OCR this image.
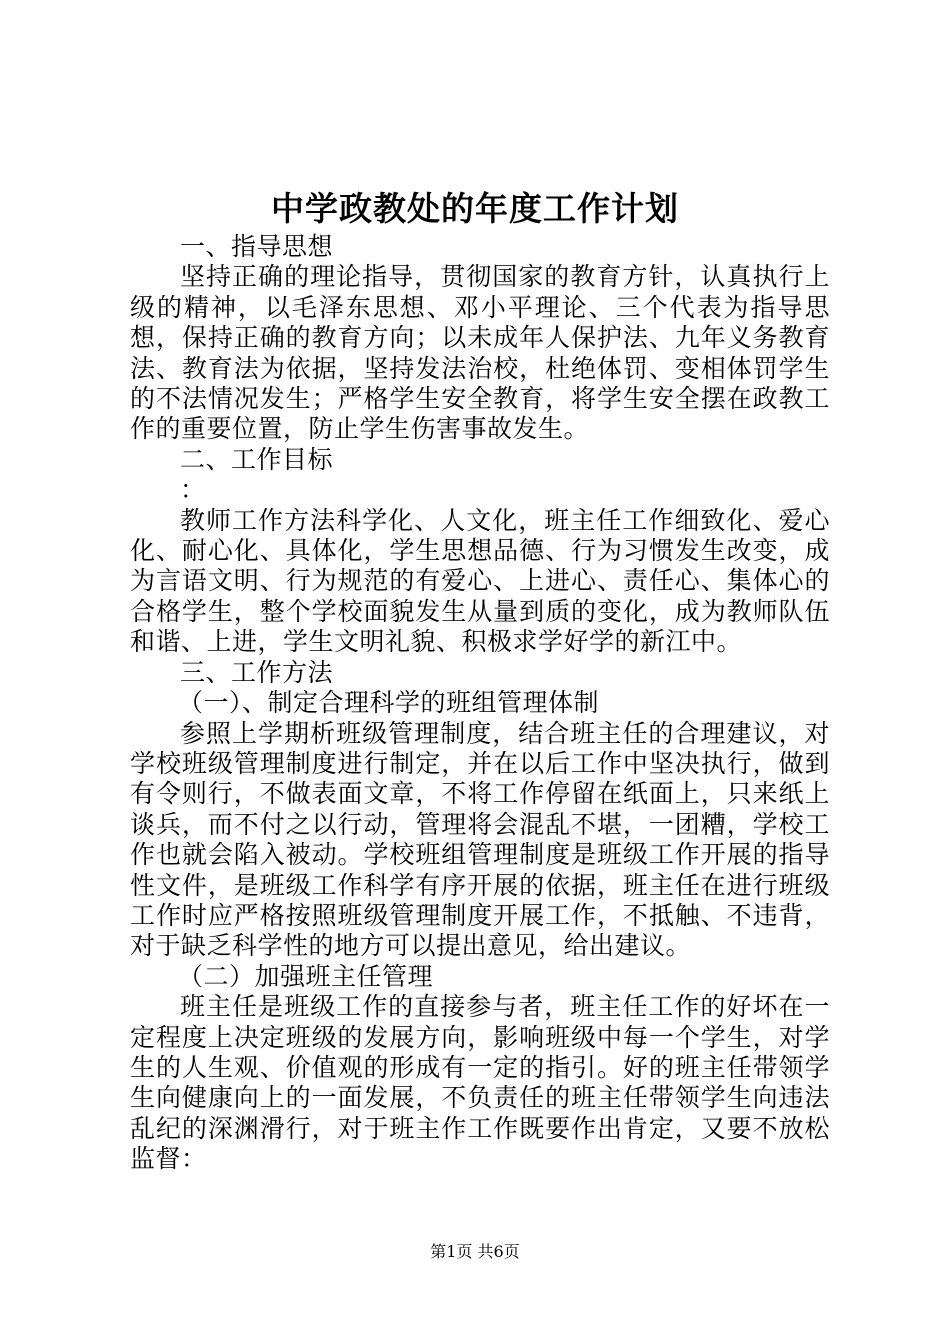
中学政教处的年度工作计划

一、指导思想

坚持正确的理论指导，贯彻国家的教育方针，认真执行上级的精神，以毛泽东思想、邓小平理论、三个代表为指导思想，保持正确的教育方向；以未成年人保护法、九年义务教育法、教育法为依据，坚持发法治校，杜绝体罚、变相体罚学生的不法情况发生；严格学生安全教育，将学生安全摆在政教工作的重要位置，防止学生伤害事故发生。

二、工作目标

：

教师工作方法科学化、人文化，班主任工作细致化、爱心化、耐心化、具体化，学生思想品德、行为习惯发生改变，成为言语文明、行为规范的有爱心、上进心、责任心、集体心的合格学生，整个学校面貌发生从量到质的变化，成为教师队伍和谐、上进，学生文明礼貌、积极求学好学的新江中。

三、工作方法

（一）、制定合理科学的班组管理体制

参照上学期析班级管理制度，结合班主任的合理建议，对学校班级管理制度进行制定，并在以后工作中坚决执行，做到有令则行，不做表面文章，不将工作停留在纸面上，只来纸上谈兵，而不付之以行动，管理将会混乱不堪，一团糟，学校工作也就会陷入被动。学校班组管理制度是班级工作开展的指导性文件，是班级工作科学有序开展的依据，班主任在进行班级工作时应严格按照班级管理制度开展工作，不抵触、不违背，对于缺乏科学性的地方可以提出意见，给出建议。

（二）加强班主任管理

班主任是班级工作的直接参与者，班主任工作的好坏在一定程度上决定班级的发展方向，影响班级中每一个学生，对学生的人生观、价值观的形成有一定的指引。好的班主任带领学生向健康向上的一面发展，不负责任的班主任带领学生向违法乱纪的深渊滑行，对于班主作工作既要作出肯定，又要不放松监督：

第1页 共6页
